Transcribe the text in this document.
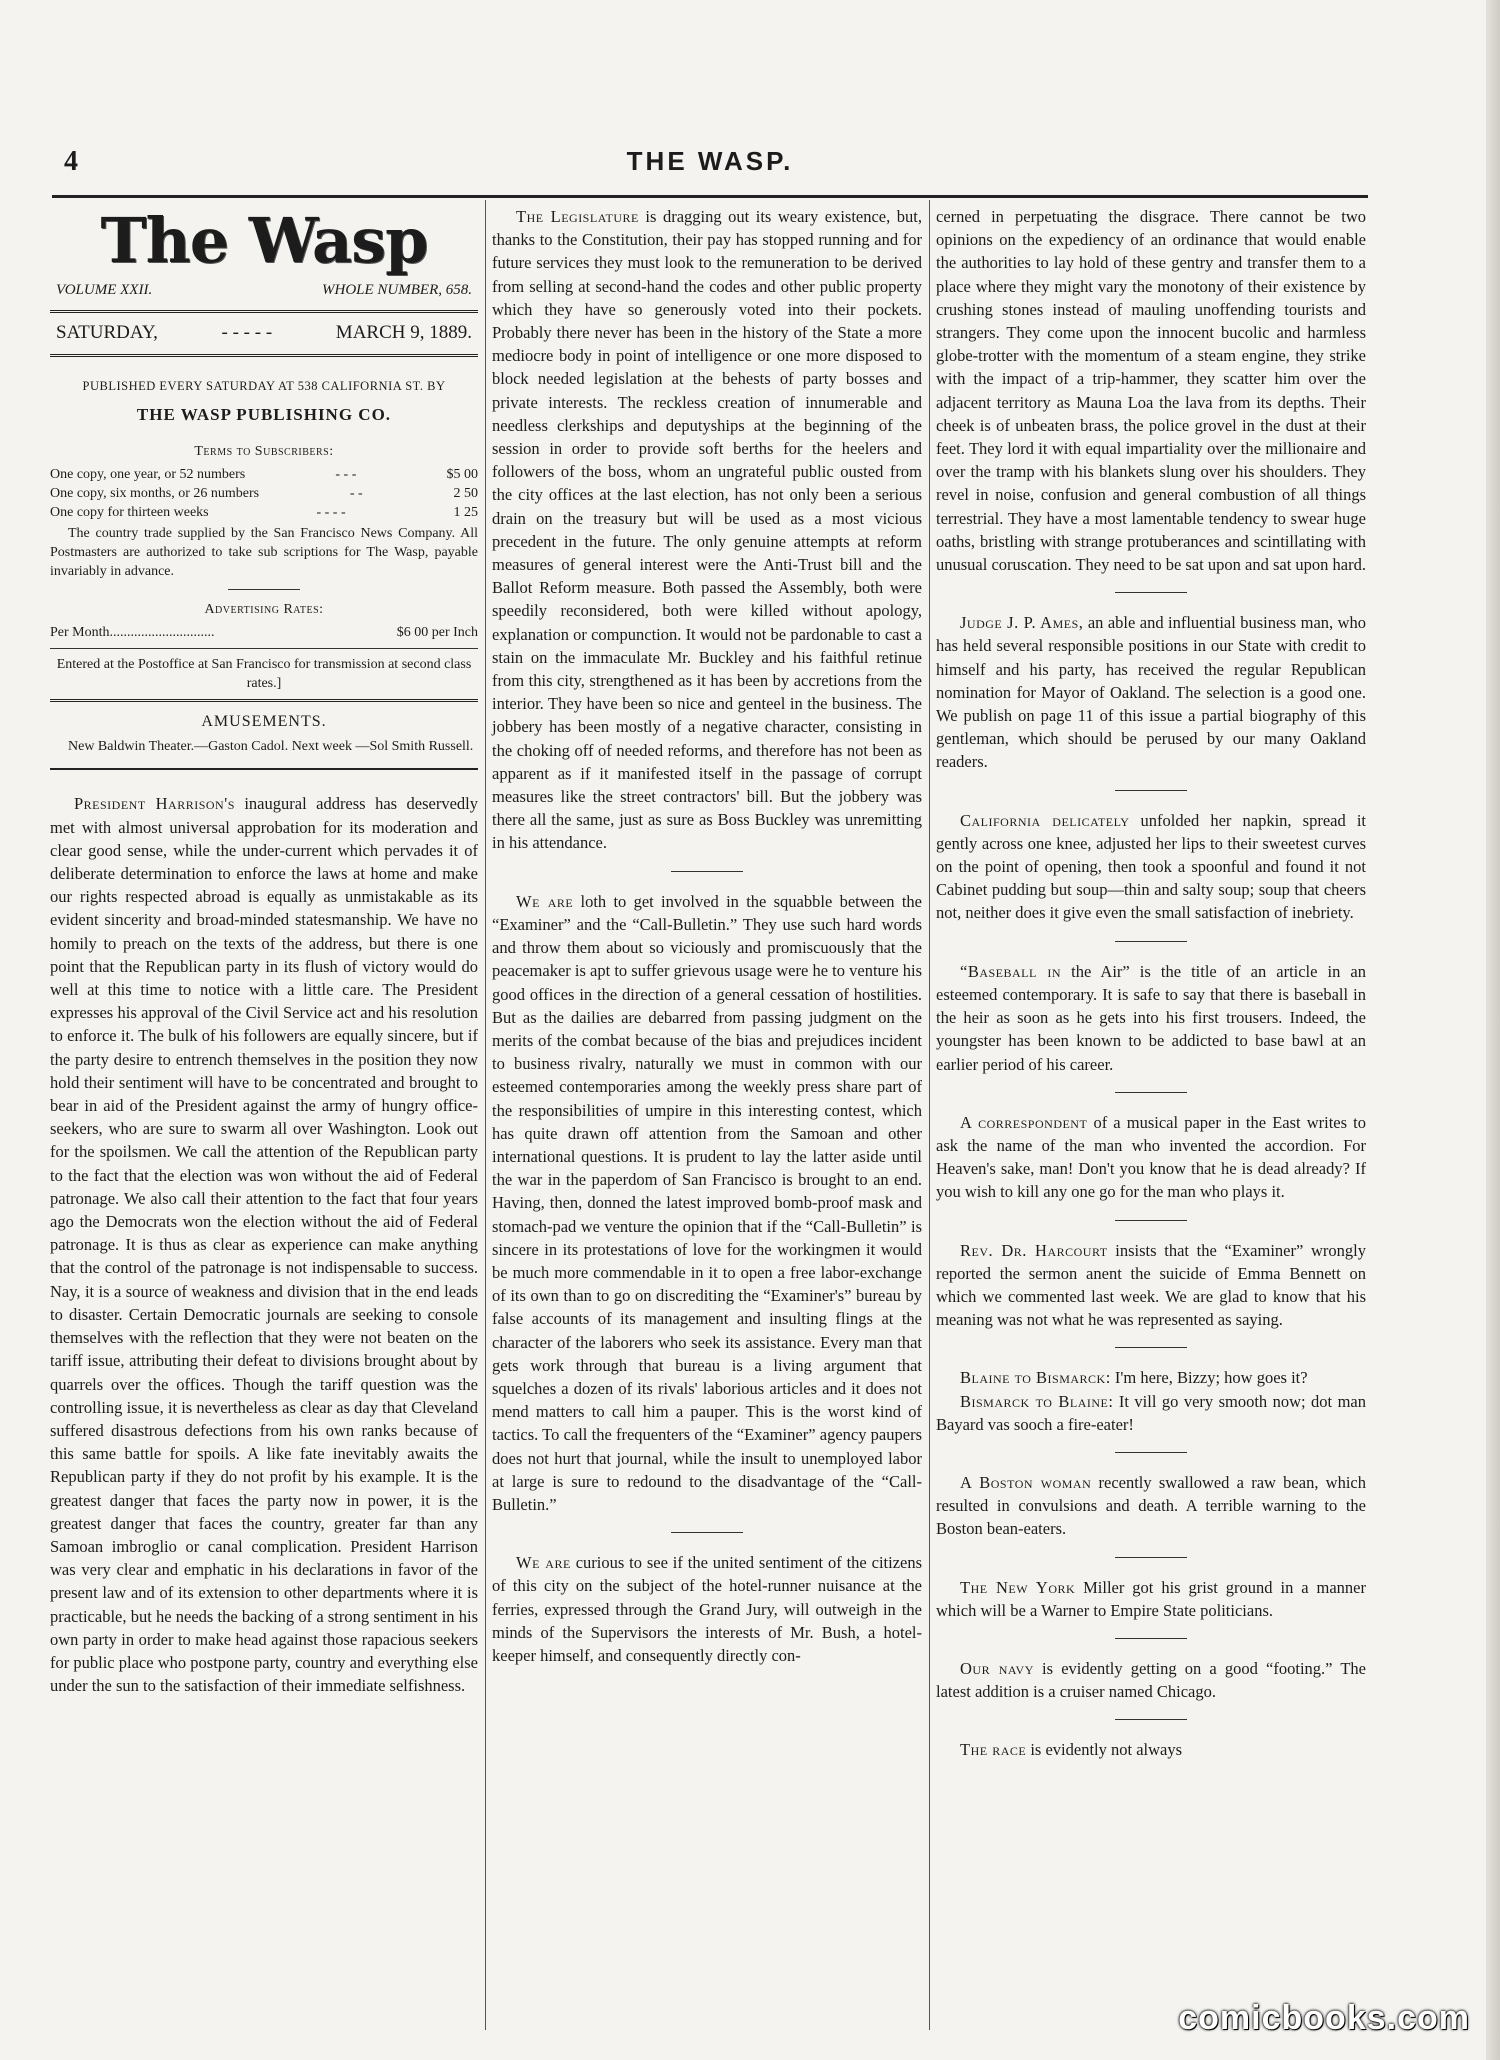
4	THE WASP.
The Wasp
VOLUME XXII.	WHOLE NUMBER, 658.
SATURDAY,	- - - - -	MARCH 9, 1889.
PUBLISHED EVERY SATURDAY AT 538 CALIFORNIA ST. BY
THE WASP PUBLISHING CO.
Terms to Subscribers:
One copy, one year, or 52 numbers	- - -	$5 00
One copy, six months, or 26 numbers	- -	2 50
One copy for thirteen weeks	- - - -	1 25
The country trade supplied by the San Francisco News Company. All Postmasters are authorized to take sub scriptions for The Wasp, payable invariably in advance.
Advertising Rates:
Per Month..............................	$6 00 per Inch
Entered at the Postoffice at San Francisco for transmission at second class rates.]
AMUSEMENTS.
New Baldwin Theater.—Gaston Cadol. Next week —Sol Smith Russell.

President Harrison's inaugural address has deservedly met with almost universal approbation for its moderation and clear good sense, while the under-current which pervades it of deliberate determination to enforce the laws at home and make our rights respected abroad is equally as unmistakable as its evident sincerity and broad-minded statesmanship. We have no homily to preach on the texts of the address, but there is one point that the Republican party in its flush of victory would do well at this time to notice with a little care. The President expresses his approval of the Civil Service act and his resolution to enforce it. The bulk of his followers are equally sincere, but if the party desire to entrench themselves in the position they now hold their sentiment will have to be concentrated and brought to bear in aid of the President against the army of hungry office-seekers, who are sure to swarm all over Washington. Look out for the spoilsmen. We call the attention of the Republican party to the fact that the election was won without the aid of Federal patronage. We also call their attention to the fact that four years ago the Democrats won the election without the aid of Federal patronage. It is thus as clear as experience can make anything that the control of the patronage is not indispensable to success. Nay, it is a source of weakness and division that in the end leads to disaster. Certain Democratic journals are seeking to console themselves with the reflection that they were not beaten on the tariff issue, attributing their defeat to divisions brought about by quarrels over the offices. Though the tariff question was the controlling issue, it is nevertheless as clear as day that Cleveland suffered disastrous defections from his own ranks because of this same battle for spoils. A like fate inevitably awaits the Republican party if they do not profit by his example. It is the greatest danger that faces the party now in power, it is the greatest danger that faces the country, greater far than any Samoan imbroglio or canal complication. President Harrison was very clear and emphatic in his declarations in favor of the present law and of its extension to other departments where it is practicable, but he needs the backing of a strong sentiment in his own party in order to make head against those rapacious seekers for public place who postpone party, country and everything else under the sun to the satisfaction of their immediate selfishness.

The Legislature is dragging out its weary existence, but, thanks to the Constitution, their pay has stopped running and for future services they must look to the remuneration to be derived from selling at second-hand the codes and other public property which they have so generously voted into their pockets. Probably there never has been in the history of the State a more mediocre body in point of intelligence or one more disposed to block needed legislation at the behests of party bosses and private interests. The reckless creation of innumerable and needless clerkships and deputyships at the beginning of the session in order to provide soft berths for the heelers and followers of the boss, whom an ungrateful public ousted from the city offices at the last election, has not only been a serious drain on the treasury but will be used as a most vicious precedent in the future. The only genuine attempts at reform measures of general interest were the Anti-Trust bill and the Ballot Reform measure. Both passed the Assembly, both were speedily reconsidered, both were killed without apology, explanation or compunction. It would not be pardonable to cast a stain on the immaculate Mr. Buckley and his faithful retinue from this city, strengthened as it has been by accretions from the interior. They have been so nice and genteel in the business. The jobbery has been mostly of a negative character, consisting in the choking off of needed reforms, and therefore has not been as apparent as if it manifested itself in the passage of corrupt measures like the street contractors' bill. But the jobbery was there all the same, just as sure as Boss Buckley was unremitting in his attendance.

We are loth to get involved in the squabble between the “Examiner” and the “Call-Bulletin.” They use such hard words and throw them about so viciously and promiscuously that the peacemaker is apt to suffer grievous usage were he to venture his good offices in the direction of a general cessation of hostilities. But as the dailies are debarred from passing judgment on the merits of the combat because of the bias and prejudices incident to business rivalry, naturally we must in common with our esteemed contemporaries among the weekly press share part of the responsibilities of umpire in this interesting contest, which has quite drawn off attention from the Samoan and other international questions. It is prudent to lay the latter aside until the war in the paperdom of San Francisco is brought to an end. Having, then, donned the latest improved bomb-proof mask and stomach-pad we venture the opinion that if the “Call-Bulletin” is sincere in its protestations of love for the workingmen it would be much more commendable in it to open a free labor-exchange of its own than to go on discrediting the “Examiner's” bureau by false accounts of its management and insulting flings at the character of the laborers who seek its assistance. Every man that gets work through that bureau is a living argument that squelches a dozen of its rivals' laborious articles and it does not mend matters to call him a pauper. This is the worst kind of tactics. To call the frequenters of the “Examiner” agency paupers does not hurt that journal, while the insult to unemployed labor at large is sure to redound to the disadvantage of the “Call-Bulletin.”

We are curious to see if the united sentiment of the citizens of this city on the subject of the hotel-runner nuisance at the ferries, expressed through the Grand Jury, will outweigh in the minds of the Supervisors the interests of Mr. Bush, a hotel-keeper himself, and consequently directly con-

cerned in perpetuating the disgrace. There cannot be two opinions on the expediency of an ordinance that would enable the authorities to lay hold of these gentry and transfer them to a place where they might vary the monotony of their existence by crushing stones instead of mauling unoffending tourists and strangers. They come upon the innocent bucolic and harmless globe-trotter with the momentum of a steam engine, they strike with the impact of a trip-hammer, they scatter him over the adjacent territory as Mauna Loa the lava from its depths. Their cheek is of unbeaten brass, the police grovel in the dust at their feet. They lord it with equal impartiality over the millionaire and over the tramp with his blankets slung over his shoulders. They revel in noise, confusion and general combustion of all things terrestrial. They have a most lamentable tendency to swear huge oaths, bristling with strange protuberances and scintillating with unusual coruscation. They need to be sat upon and sat upon hard.

Judge J. P. Ames, an able and influential business man, who has held several responsible positions in our State with credit to himself and his party, has received the regular Republican nomination for Mayor of Oakland. The selection is a good one. We publish on page 11 of this issue a partial biography of this gentleman, which should be perused by our many Oakland readers.

California delicately unfolded her napkin, spread it gently across one knee, adjusted her lips to their sweetest curves on the point of opening, then took a spoonful and found it not Cabinet pudding but soup—thin and salty soup; soup that cheers not, neither does it give even the small satisfaction of inebriety.

“Baseball in the Air” is the title of an article in an esteemed contemporary. It is safe to say that there is baseball in the heir as soon as he gets into his first trousers. Indeed, the youngster has been known to be addicted to base bawl at an earlier period of his career.

A correspondent of a musical paper in the East writes to ask the name of the man who invented the accordion. For Heaven's sake, man! Don't you know that he is dead already? If you wish to kill any one go for the man who plays it.

Rev. Dr. Harcourt insists that the “Examiner” wrongly reported the sermon anent the suicide of Emma Bennett on which we commented last week. We are glad to know that his meaning was not what he was represented as saying.

Blaine to Bismarck: I'm here, Bizzy; how goes it?

Bismarck to Blaine: It vill go very smooth now; dot man Bayard vas sooch a fire-eater!

A Boston woman recently swallowed a raw bean, which resulted in convulsions and death. A terrible warning to the Boston bean-eaters.

The New York Miller got his grist ground in a manner which will be a Warner to Empire State politicians.

Our navy is evidently getting on a good “footing.” The latest addition is a cruiser named Chicago.

The race is evidently not always

comicbooks.com
